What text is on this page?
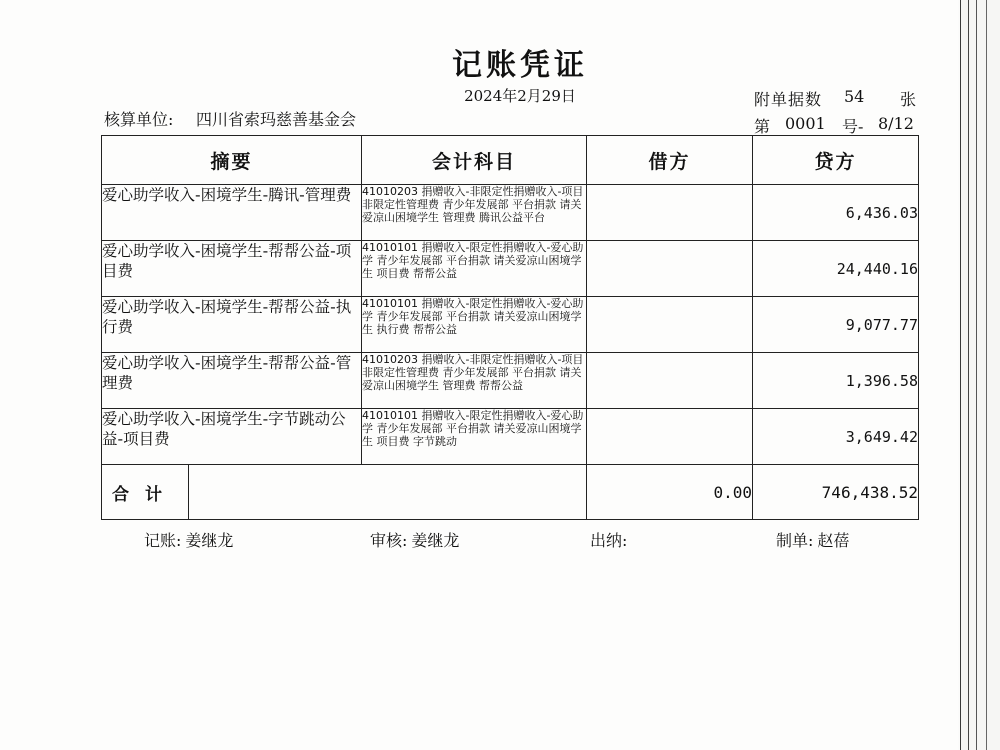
记账凭证
2024年2月29日
核算单位: 四川省索玛慈善基金会
附单据数 54 张
第 0001 号- 8/12
摘要	会计科目	借方	贷方
爱心助学收入-困境学生-腾讯-管理费	41010203 捐赠收入-非限定性捐赠收入-项目非限定性管理费 青少年发展部 平台捐款 请关爱凉山困境学生 管理费 腾讯公益平台		6,436.03
爱心助学收入-困境学生-帮帮公益-项目费	41010101 捐赠收入-限定性捐赠收入-爱心助学 青少年发展部 平台捐款 请关爱凉山困境学生 项目费 帮帮公益		24,440.16
爱心助学收入-困境学生-帮帮公益-执行费	41010101 捐赠收入-限定性捐赠收入-爱心助学 青少年发展部 平台捐款 请关爱凉山困境学生 执行费 帮帮公益		9,077.77
爱心助学收入-困境学生-帮帮公益-管理费	41010203 捐赠收入-非限定性捐赠收入-项目非限定性管理费 青少年发展部 平台捐款 请关爱凉山困境学生 管理费 帮帮公益		1,396.58
爱心助学收入-困境学生-字节跳动公益-项目费	41010101 捐赠收入-限定性捐赠收入-爱心助学 青少年发展部 平台捐款 请关爱凉山困境学生 项目费 字节跳动		3,649.42

合计		0.00	746,438.52
记账: 姜继龙	审核: 姜继龙	出纳:	制单: 赵蓓
